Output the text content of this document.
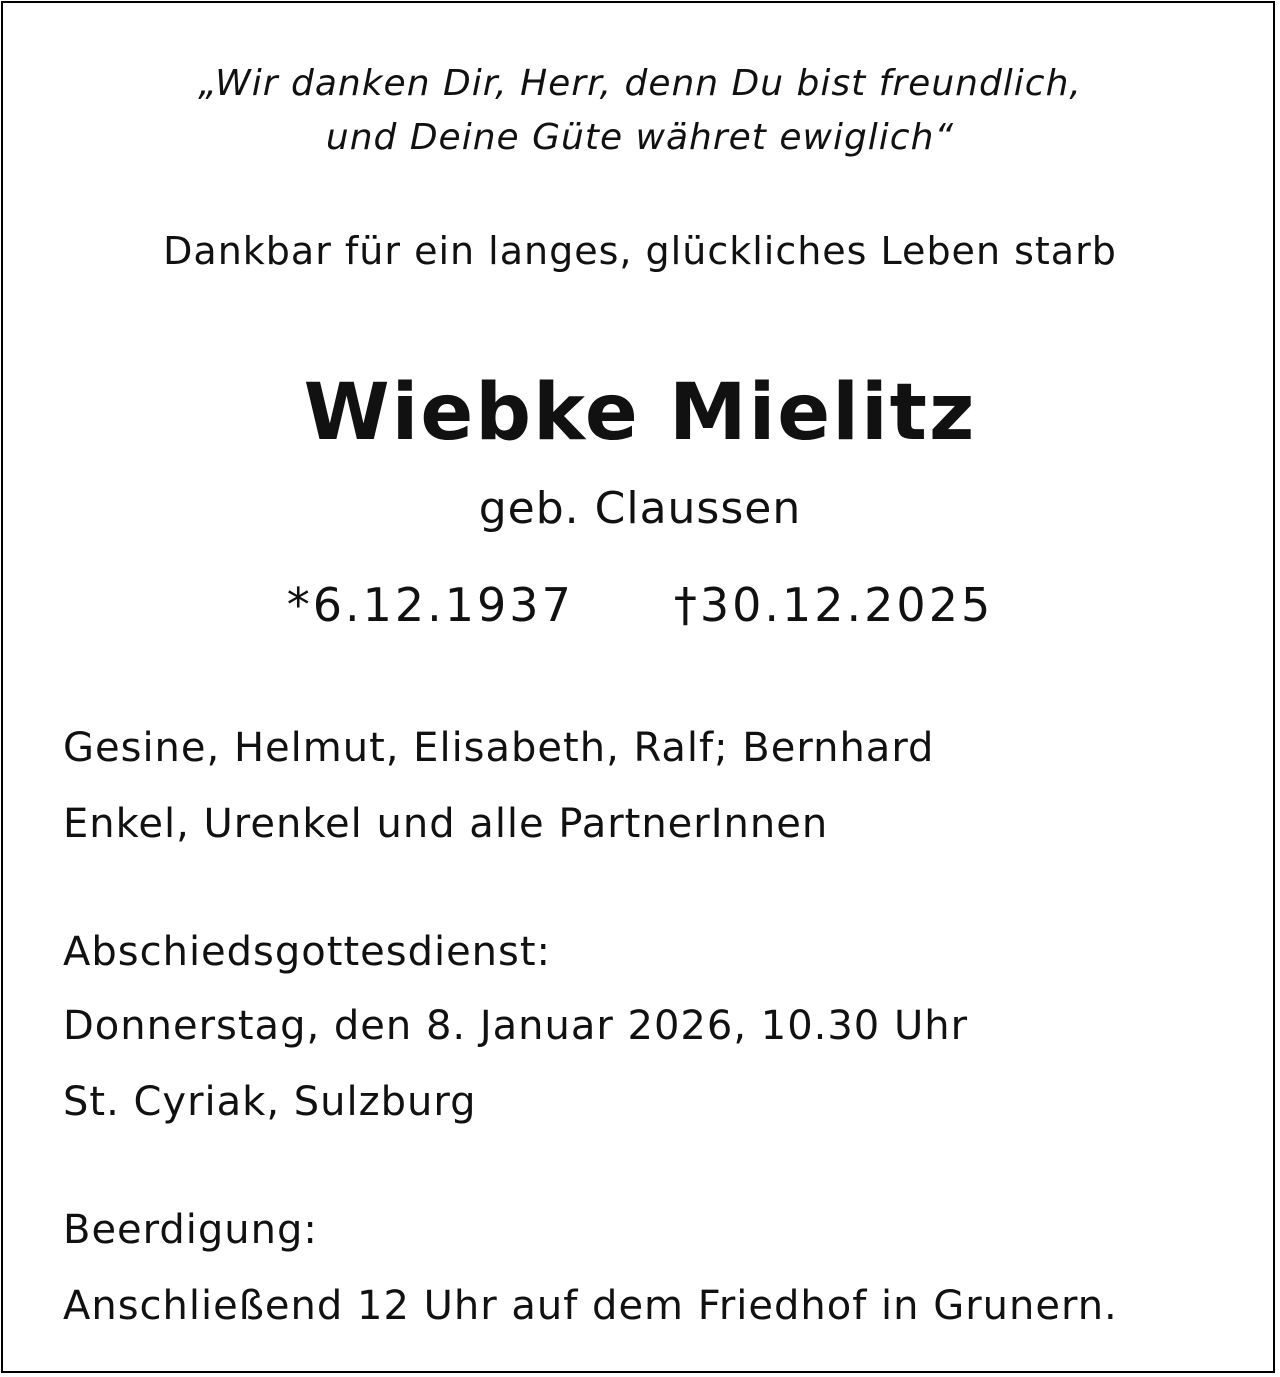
„Wir danken Dir, Herr, denn Du bist freundlich,
und Deine Güte währet ewiglich“
Dankbar für ein langes, glückliches Leben starb
Wiebke Mielitz
geb. Claussen
*6.12.1937 †30.12.2025
Gesine, Helmut, Elisabeth, Ralf; Bernhard
Enkel, Urenkel und alle PartnerInnen
Abschiedsgottesdienst:
Donnerstag, den 8. Januar 2026, 10.30 Uhr
St. Cyriak, Sulzburg
Beerdigung:
Anschließend 12 Uhr auf dem Friedhof in Grunern.
